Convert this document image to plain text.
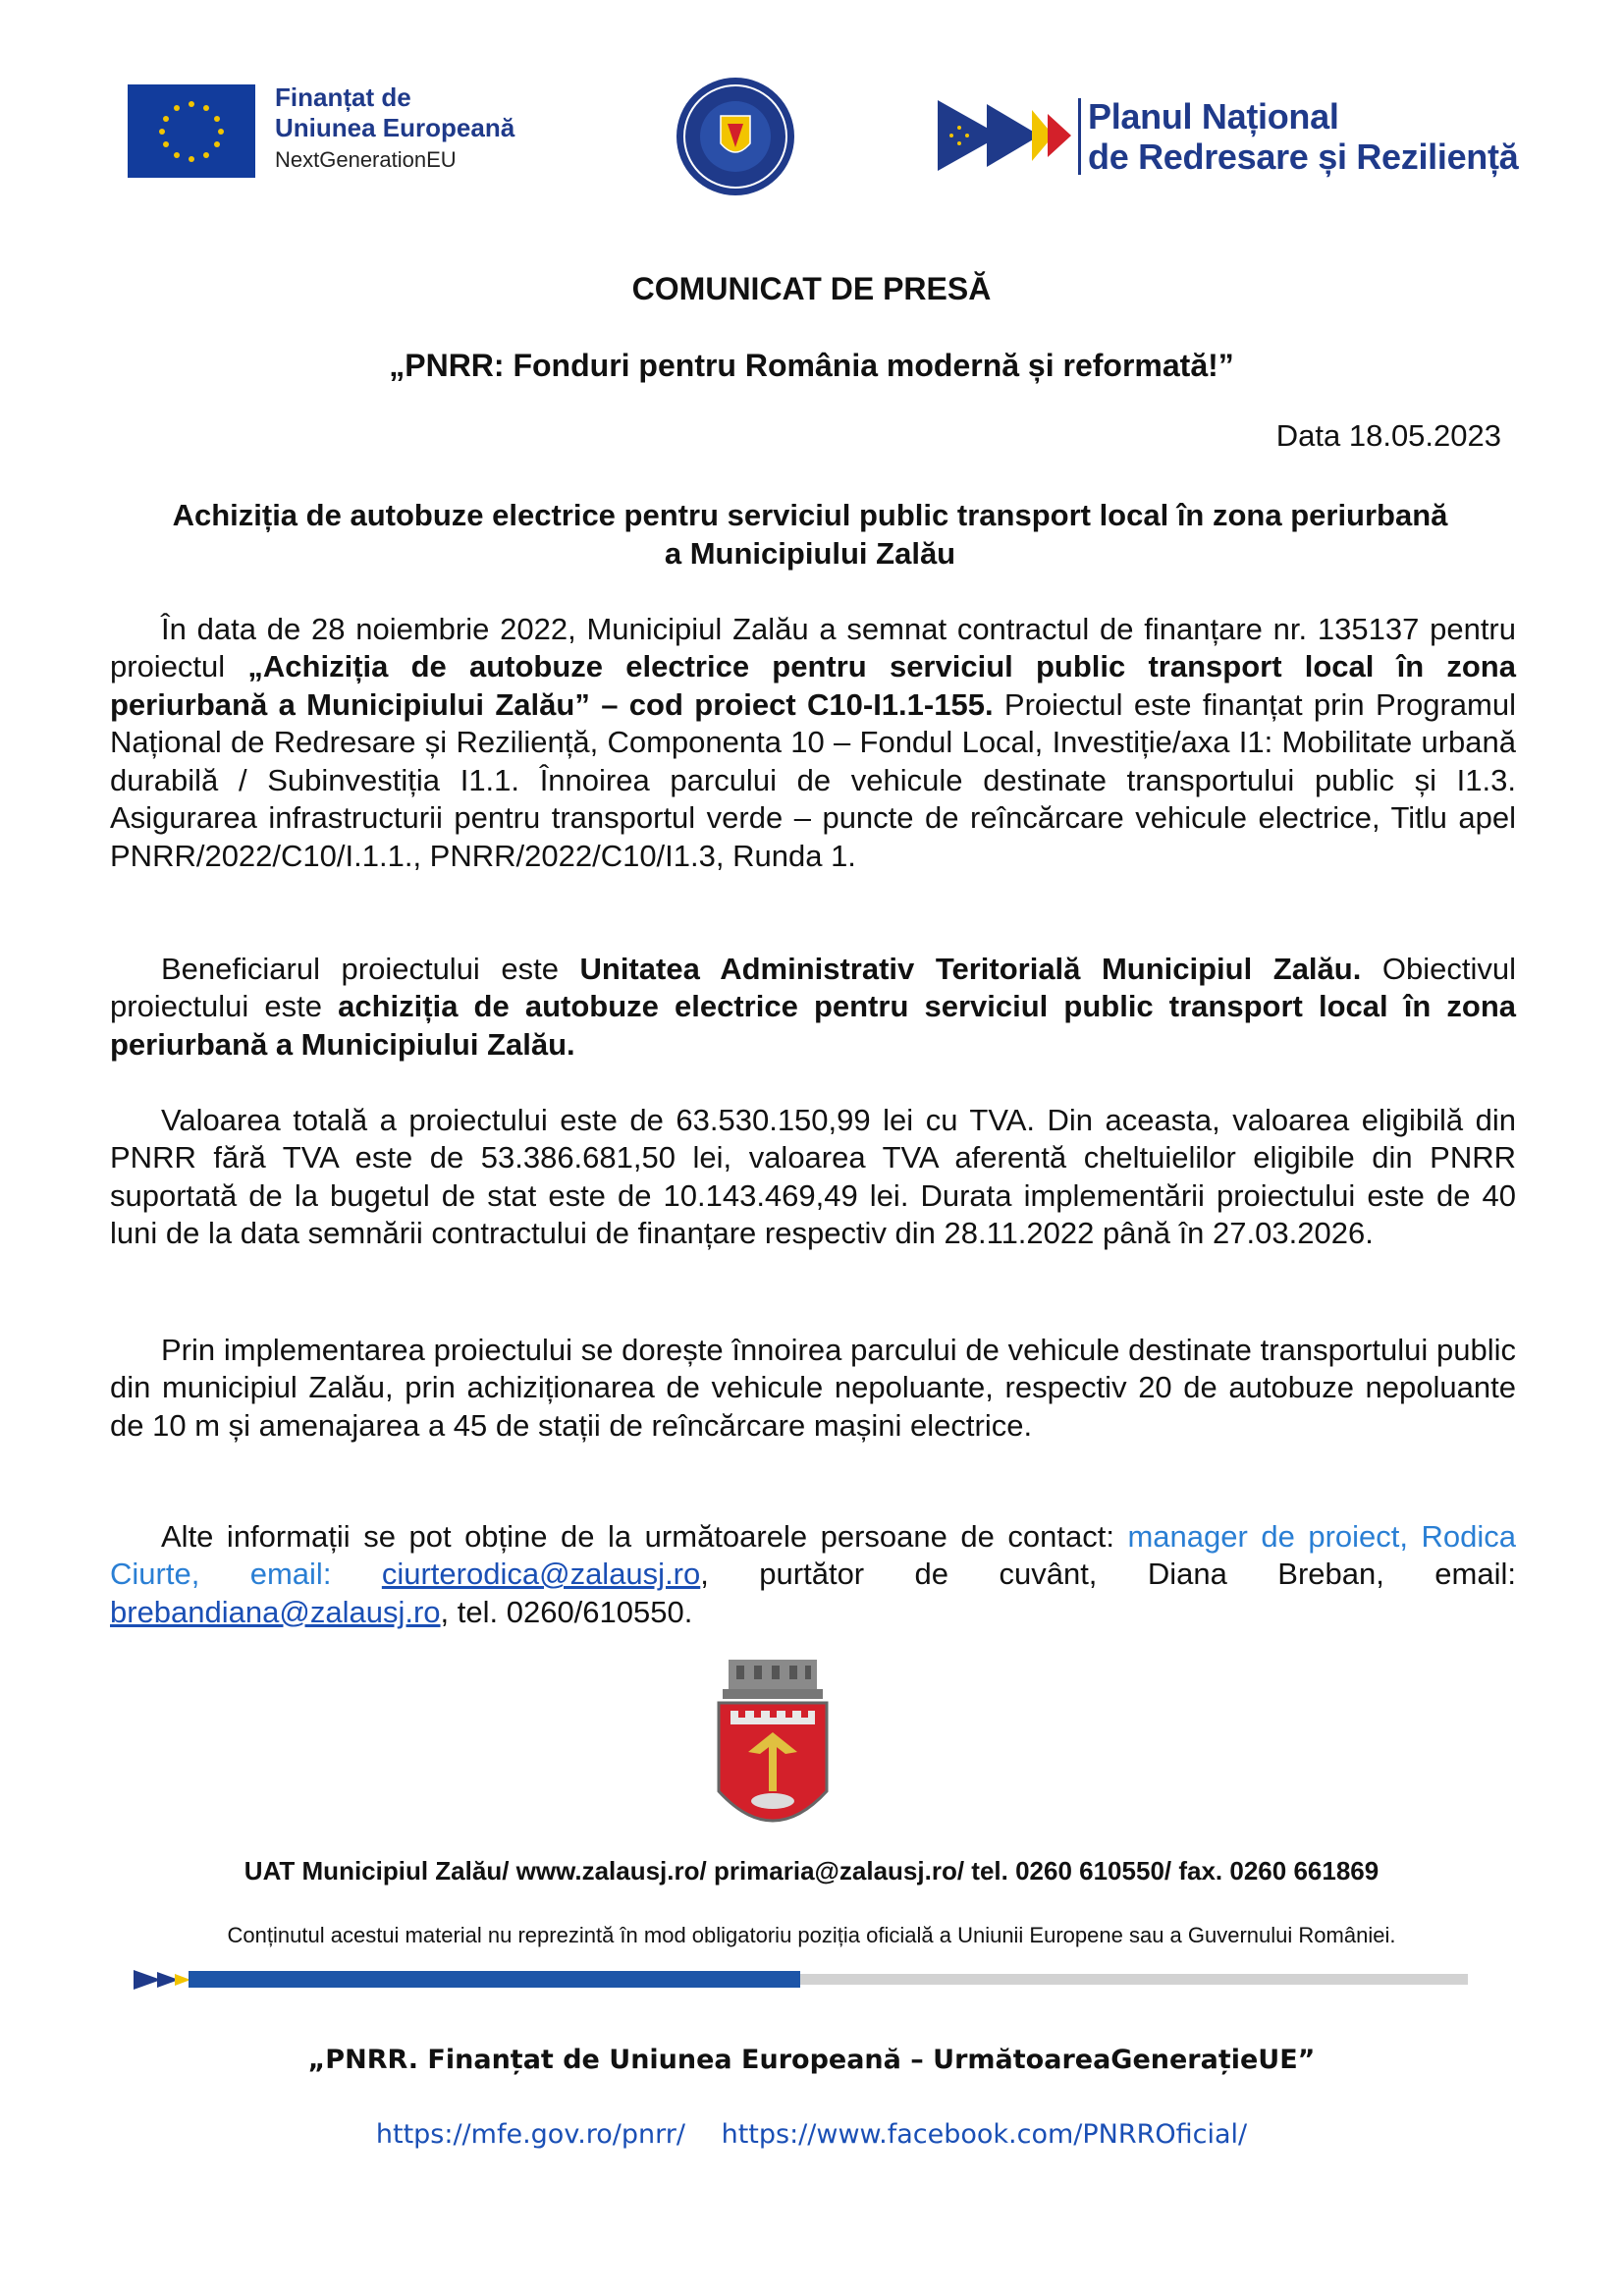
Finanțat de
Uniunea Europeană
NextGenerationEU
Planul Național
de Redresare și Reziliență
COMUNICAT DE PRESĂ
„PNRR: Fonduri pentru România modernă și reformată!”
Data 18.05.2023
Achiziția de autobuze electrice pentru serviciul public transport local în zona periurbană
a Municipiului Zalău
În data de 28 noiembrie 2022, Municipiul Zalău a semnat contractul de finanțare nr. 135137 pentru proiectul „Achiziția de autobuze electrice pentru serviciul public transport local în zona periurbană a Municipiului Zalău” – cod proiect C10-I1.1-155. Proiectul este finanțat prin Programul Național de Redresare și Reziliență, Componenta 10 – Fondul Local, Investiție/axa I1: Mobilitate urbană durabilă / Subinvestiția I1.1. Înnoirea parcului de vehicule destinate transportului public și I1.3. Asigurarea infrastructurii pentru transportul verde – puncte de reîncărcare vehicule electrice, Titlu apel PNRR/2022/C10/I.1.1., PNRR/2022/C10/I1.3, Runda 1.
Beneficiarul proiectului este Unitatea Administrativ Teritorială Municipiul Zalău. Obiectivul proiectului este achiziția de autobuze electrice pentru serviciul public transport local în zona periurbană a Municipiului Zalău.
Valoarea totală a proiectului este de 63.530.150,99 lei cu TVA. Din aceasta, valoarea eligibilă din PNRR fără TVA este de 53.386.681,50 lei, valoarea TVA aferentă cheltuielilor eligibile din PNRR suportată de la bugetul de stat este de 10.143.469,49 lei. Durata implementării proiectului este de 40 luni de la data semnării contractului de finanțare respectiv din 28.11.2022 până în 27.03.2026.
Prin implementarea proiectului se dorește înnoirea parcului de vehicule destinate transportului public din municipiul Zalău, prin achiziționarea de vehicule nepoluante, respectiv 20 de autobuze nepoluante de 10 m și amenajarea a 45 de stații de reîncărcare mașini electrice.
Alte informații se pot obține de la următoarele persoane de contact: manager de proiect, Rodica Ciurte, email: ciurterodica@zalausj.ro, purtător de cuvânt, Diana Breban, email: brebandiana@zalausj.ro, tel. 0260/610550.
UAT Municipiul Zalău/ www.zalausj.ro/ primaria@zalausj.ro/ tel. 0260 610550/ fax. 0260 661869
Conținutul acestui material nu reprezintă în mod obligatoriu poziția oficială a Uniunii Europene sau a Guvernului României.
„PNRR. Finanțat de Uniunea Europeană – UrmătoareaGenerațieUE”
https://mfe.gov.ro/pnrr/ https://www.facebook.com/PNRROficial/
